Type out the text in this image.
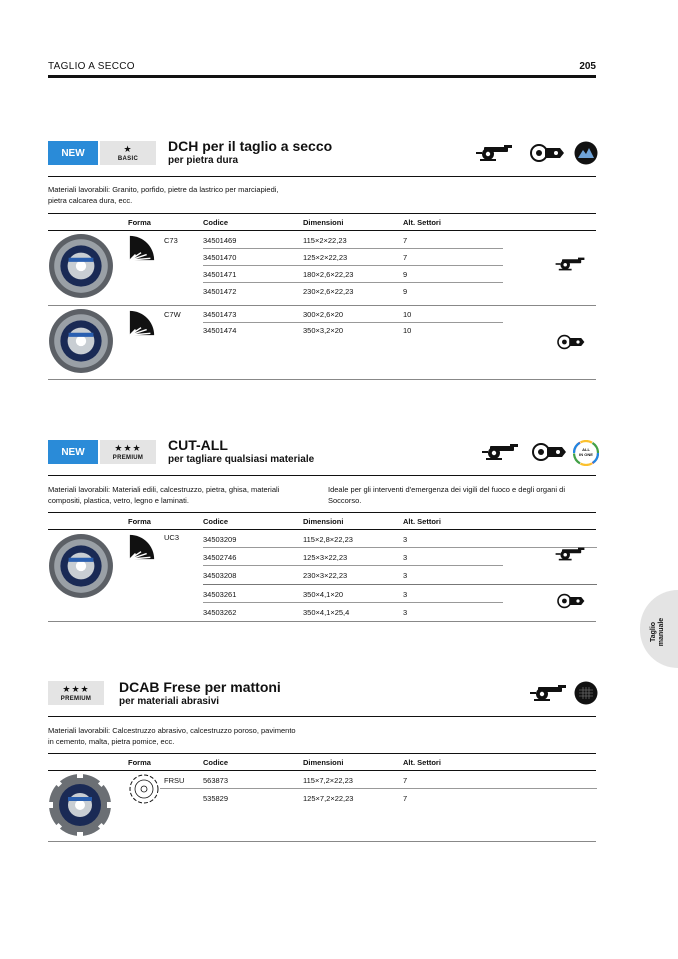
TAGLIO A SECCO	205
NEW	★
BASIC
DCH per il taglio a secco
per pietra dura
Materiali lavorabili: Granito, porfido, pietre da lastrico per marciapiedi,
pietra calcarea dura, ecc.
Forma	Codice	Dimensioni	Alt. Settori
C73	34501469	115×2×22,23	7
34501470	125×2×22,23	7
34501471	180×2,6×22,23	9
34501472	230×2,6×22,23	9
C7W	34501473	300×2,6×20	10
34501474	350×3,2×20	10
NEW	★★★
PREMIUM
CUT-ALL
per tagliare qualsiasi materiale
ALL
IN ONE
Materiali lavorabili: Materiali edili, calcestruzzo, pietra, ghisa, materiali
compositi, plastica, vetro, legno e laminati.
Ideale per gli interventi d'emergenza dei vigili del fuoco e degli organi di
Soccorso.
Forma	Codice	Dimensioni	Alt. Settori
UC3	34503209	115×2,8×22,23	3
34502746	125×3×22,23	3
34503208	230×3×22,23	3
34503261	350×4,1×20	3
34503262	350×4,1×25,4	3
Taglio manuale
★★★
PREMIUM
DCAB Frese per mattoni
per materiali abrasivi
Materiali lavorabili: Calcestruzzo abrasivo, calcestruzzo poroso, pavimento
in cemento, malta, pietra pomice, ecc.
Forma	Codice	Dimensioni	Alt. Settori
FRSU 563873	115×7,2×22,23	7
535829	125×7,2×22,23	7
